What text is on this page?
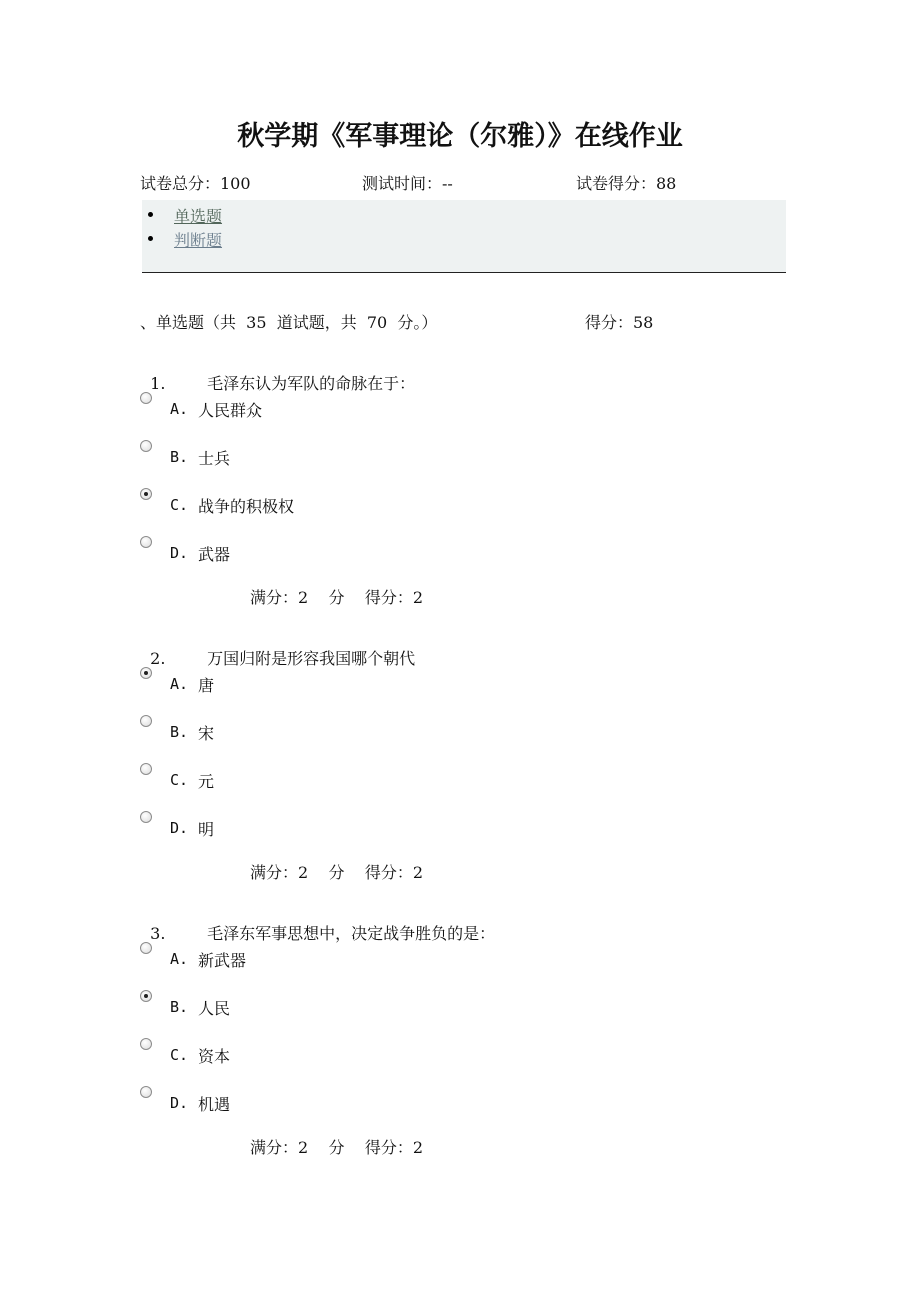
秋学期《军事理论（尔雅）》在线作业
试卷总分：100	测试时间：--	试卷得分：88
单选题
判断题
、单选题（共  35  道试题，共  70  分。）	得分：58

1.	毛泽东认为军队的命脉在于：

A. 人民群众
B. 士兵
C. 战争的积极权
D. 武器
满分：2    分    得分：2

2.	万国归附是形容我国哪个朝代

A. 唐
B. 宋
C. 元
D. 明
满分：2    分    得分：2

3.	毛泽东军事思想中，决定战争胜负的是：

A. 新武器
B. 人民
C. 资本
D. 机遇
满分：2    分    得分：2
